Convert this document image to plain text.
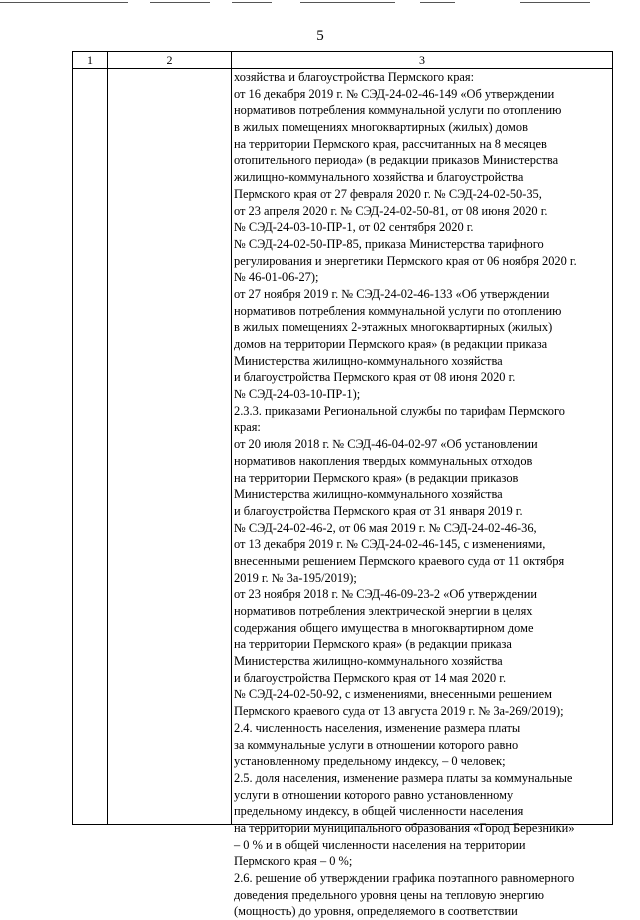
5
1	2	3
хозяйства и благоустройства Пермского края:
от 16 декабря 2019 г. № СЭД-24-02-46-149 «Об утверждении
нормативов потребления коммунальной услуги по отоплению
в жилых помещениях многоквартирных (жилых) домов
на территории Пермского края, рассчитанных на 8 месяцев
отопительного периода» (в редакции приказов Министерства
жилищно-коммунального хозяйства и благоустройства
Пермского края от 27 февраля 2020 г. № СЭД-24-02-50-35,
от 23 апреля 2020 г. № СЭД-24-02-50-81, от 08 июня 2020 г.
№ СЭД-24-03-10-ПР-1, от 02 сентября 2020 г.
№ СЭД-24-02-50-ПР-85, приказа Министерства тарифного
регулирования и энергетики Пермского края от 06 ноября 2020 г.
№ 46-01-06-27);
от 27 ноября 2019 г. № СЭД-24-02-46-133 «Об утверждении
нормативов потребления коммунальной услуги по отоплению
в жилых помещениях 2-этажных многоквартирных (жилых)
домов на территории Пермского края» (в редакции приказа
Министерства жилищно-коммунального хозяйства
и благоустройства Пермского края от 08 июня 2020 г.
№ СЭД-24-03-10-ПР-1);
2.3.3. приказами Региональной службы по тарифам Пермского
края:
от 20 июля 2018 г. № СЭД-46-04-02-97 «Об установлении
нормативов накопления твердых коммунальных отходов
на территории Пермского края» (в редакции приказов
Министерства жилищно-коммунального хозяйства
и благоустройства Пермского края от 31 января 2019 г.
№ СЭД-24-02-46-2, от 06 мая 2019 г. № СЭД-24-02-46-36,
от 13 декабря 2019 г. № СЭД-24-02-46-145, с изменениями,
внесенными решением Пермского краевого суда от 11 октября
2019 г. № 3а-195/2019);
от 23 ноября 2018 г. № СЭД-46-09-23-2 «Об утверждении
нормативов потребления электрической энергии в целях
содержания общего имущества в многоквартирном доме
на территории Пермского края» (в редакции приказа
Министерства жилищно-коммунального хозяйства
и благоустройства Пермского края от 14 мая 2020 г.
№ СЭД-24-02-50-92, с изменениями, внесенными решением
Пермского краевого суда от 13 августа 2019 г. № 3а-269/2019);
2.4. численность населения, изменение размера платы
за коммунальные услуги в отношении которого равно
установленному предельному индексу, – 0 человек;
2.5. доля населения, изменение размера платы за коммунальные
услуги в отношении которого равно установленному
предельному индексу, в общей численности населения
на территории муниципального образования «Город Березники»
– 0 % и в общей численности населения на территории
Пермского края – 0 %;
2.6. решение об утверждении графика поэтапного равномерного
доведения предельного уровня цены на тепловую энергию
(мощность) до уровня, определяемого в соответствии
